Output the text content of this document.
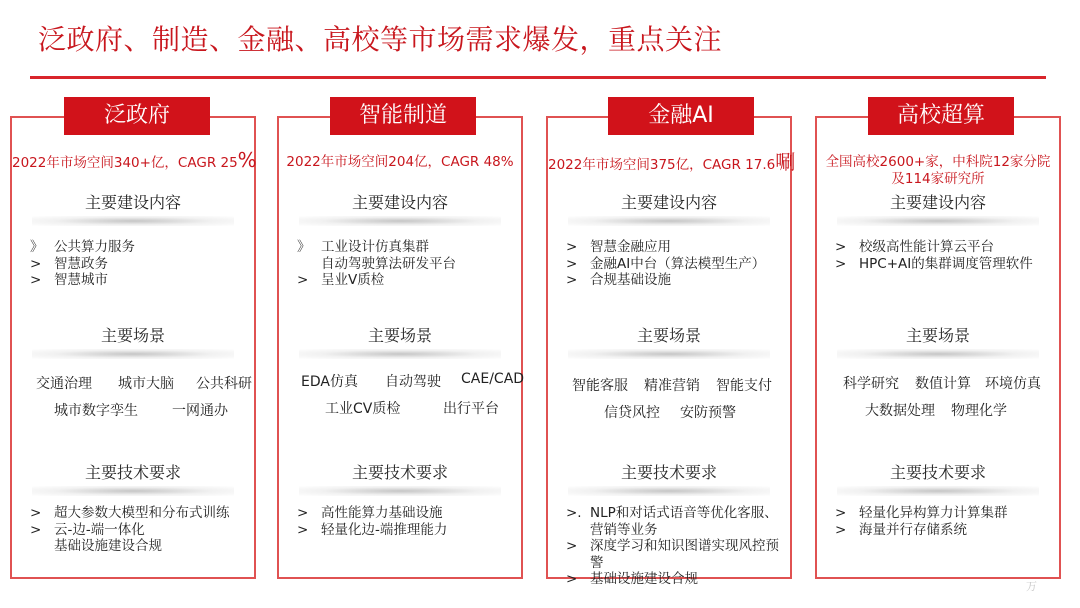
泛政府、制造、金融、高校等市场需求爆发，重点关注
2022年市场空间340+亿，CAGR 25%
主要建设内容
》 公共算力服务
> 智慧政务
> 智慧城市
主要场景
交通治理 城市大脑 公共科研
城市数字孪生 一网通办
主要技术要求
> 超大参数大模型和分布式训练
> 云-边-端一体化
基础设施建设合规
泛政府
2022年市场空间204亿，CAGR 48%
主要建设内容
》 工业设计仿真集群
自动驾驶算法研发平台
> 呈业V质检
主要场景
EDA仿真 自动驾驶 CAE/CAD
工业CV质检	出行平台
主要技术要求
> 高性能算力基础设施
> 轻量化边-端推理能力
智能制道
2022年市场空间375亿，CAGR 17.6唰
主要建设内容
> 智慧金融应用
> 金融AI中台（算法模型生产）
> 合规基础设施
主要场景
智能客服 精准营销 智能支付
信贷风控 安防预警
主要技术要求
>. NLP和对话式语音等优化客服、营销等业务
> 深度学习和知识图谱实现风控预警
> 基础设施建设合规
金融AI
全国高校2600+家，中科院12家分院及114家研究所
主要建设内容
> 校级高性能计算云平台
> HPC+AI的集群调度管理软件
主要场景
科学研究 数值计算 环境仿真
大数据处理 物理化学
主要技术要求
> 轻量化异构算力计算集群
> 海量并行存储系统
高校超算
万
